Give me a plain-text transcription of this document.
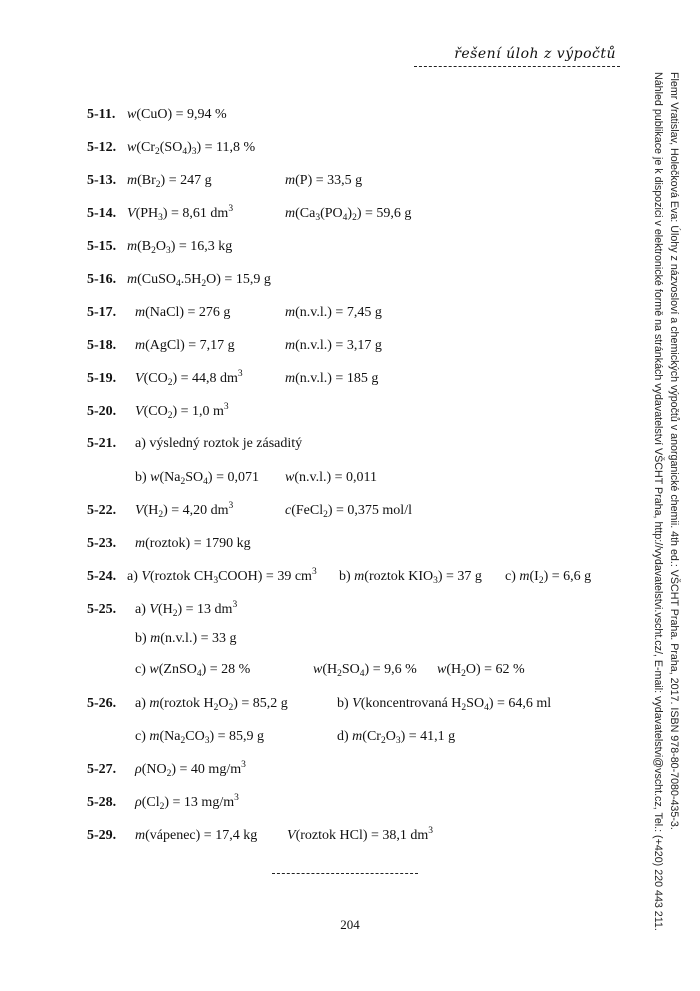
řešení úloh z výpočtů
Flemr Vratislav, Holečková Eva: Úlohy z názvosloví a chemických výpočtů v anorganické chemii. 4th ed.: VŠCHT Praha. Praha, 2017. ISBN 978-80-7080-435-3.
Náhled publikace je k dispozici v elektronické formě na stránkách vydavatelství VŠCHT Praha, http://vydavatelstvi.vscht.cz/, E-mail: vydavatelstvi@vscht.cz, Tel.: (+420) 220 443 211.
5-11. w(CuO) = 9,94 %
5-12. $w(Cr_2(SO_4)_3) = 11,8$ %
5-13. $m(Br_2) = 247$ g	m(P) = 33,5 g
5-14. $V(PH_3) = 8,61$ $dm^3$	$m(Ca_3(PO_4)_2) = 59,6$ g
5-15. $m(B_2O_3) = 16,3$ kg
5-16. $m(CuSO_4.5H_2O) = 15,9$ g
5-17. m(NaCl) = 276 g	m(n.v.l.) = 7,45 g
5-18. m(AgCl) = 7,17 g	m(n.v.l.) = 3,17 g
5-19. $V(CO_2) = 44,8$ $dm^3$	m(n.v.l.) = 185 g
5-20. $V(CO_2) = 1,0$ $m^3$
5-21. a) výsledný roztok je zásaditý
b) $w(Na_2SO_4) = 0,071$ w(n.v.l.) = 0,011
5-22. $V(H_2) = 4,20$ $dm^3$	c(FeCl$_2$) = 0,375 mol/l
5-23. m(roztok) = 1790 kg
5-24. a) V(roztok $CH_3COOH) = 39$ $cm^3$ b) m(roztok $KIO_3) = 37$ g c) $m(I_2) = 6,6$ g
5-25. a) $V(H_2) = 13$ $dm^3$
b) m(n.v.l.) = 33 g
c) w(ZnSO$_4$) = 28 %	$w(H_2SO_4) = 9,6$ % $w(H_2O) = 62$ %
5-26. a) m(roztok $H_2O_2) = 85,2$ g	b) V(koncentrovaná $H_2SO_4) = 64,6$ ml
c) $m(Na_2CO_3) = 85,9$ g	d) $m(Cr_2O_3) = 41,1$ g
5-27. $\rho(NO_2) = 40$ $mg/m^3$
5-28. $\rho(Cl_2) = 13$ $mg/m^3$
5-29. m(vápenec) = 17,4 kg V(roztok HCl) = 38,1 $dm^3$
204
